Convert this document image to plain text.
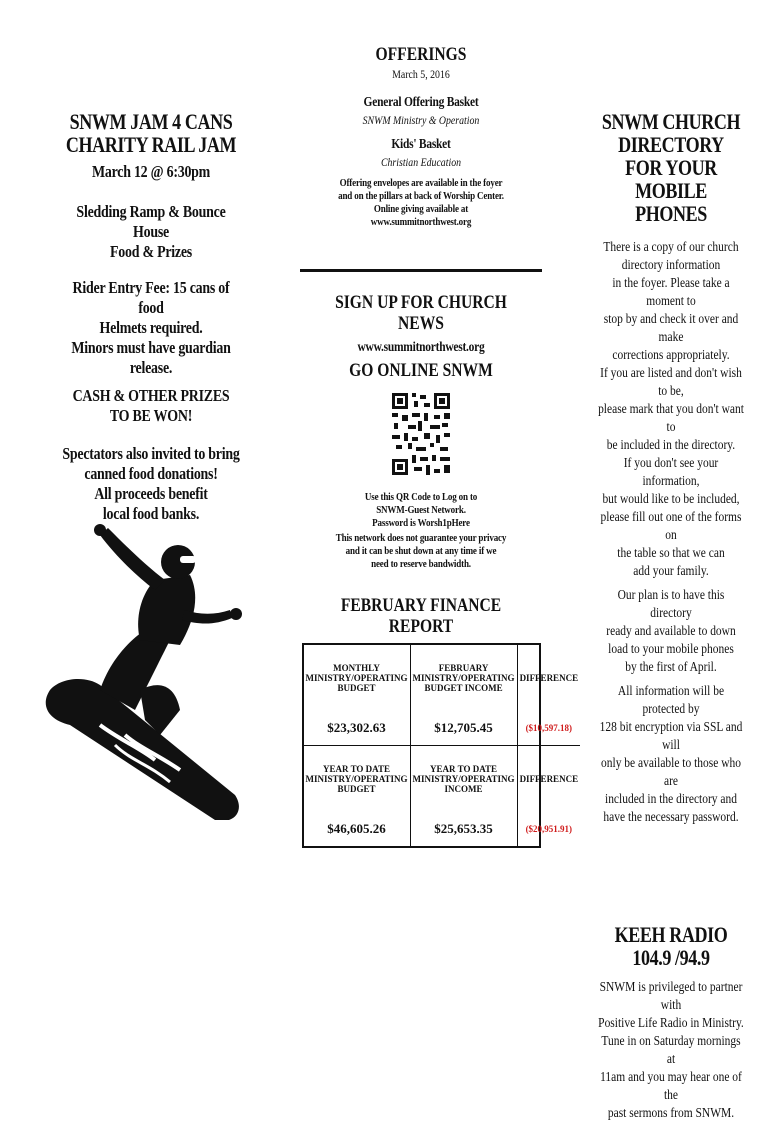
SNWM JAM 4 CANS
CHARITY RAIL JAM
March 12 @ 6:30pm
Sledding Ramp & Bounce House
Food & Prizes
Rider Entry Fee: 15 cans of food
Helmets required.
Minors must have guardian release.
CASH & OTHER PRIZES
TO BE WON!
Spectators also invited to bring
canned food donations!
All proceeds benefit
local food banks.
OFFERINGS
March 5, 2016
General Offering Basket
SNWM Ministry & Operation
Kids' Basket
Christian Education
Offering envelopes are available in the foyer
and on the pillars at back of Worship Center.
Online giving available at
www.summitnorthwest.org
SIGN UP FOR CHURCH NEWS
www.summitnorthwest.org
GO ONLINE SNWM
Use this QR Code to Log on to
SNWM-Guest Network.
Password is Worsh1pHere
This network does not guarantee your privacy
and it can be shut down at any time if we
need to reserve bandwidth.
FEBRUARY FINANCE REPORT
MONTHLY MINISTRY/OPERATING BUDGET	FEBRUARY MINISTRY/OPERATING BUDGET INCOME	DIFFERENCE
$23,302.63	$12,705.45	($10,597.18)
YEAR TO DATE MINISTRY/OPERATING BUDGET	YEAR TO DATE MINISTRY/OPERATING INCOME	DIFFERENCE
$46,605.26	$25,653.35	($20,951.91)
SNWM CHURCH
DIRECTORY
FOR YOUR MOBILE
PHONES
There is a copy of our church
directory information
in the foyer. Please take a moment to
stop by and check it over and make
corrections appropriately.
If you are listed and don't wish to be,
please mark that you don't want to
be included in the directory.
If you don't see your information,
but would like to be included,
please fill out one of the forms on
the table so that we can
add your family.
Our plan is to have this directory
ready and available to down
load to your mobile phones
by the first of April.
All information will be protected by
128 bit encryption via SSL and will
only be available to those who are
included in the directory and
have the necessary password.
KEEH RADIO
104.9 /94.9
SNWM is privileged to partner with
Positive Life Radio in Ministry.
Tune in on Saturday mornings at
11am and you may hear one of the
past sermons from SNWM.
